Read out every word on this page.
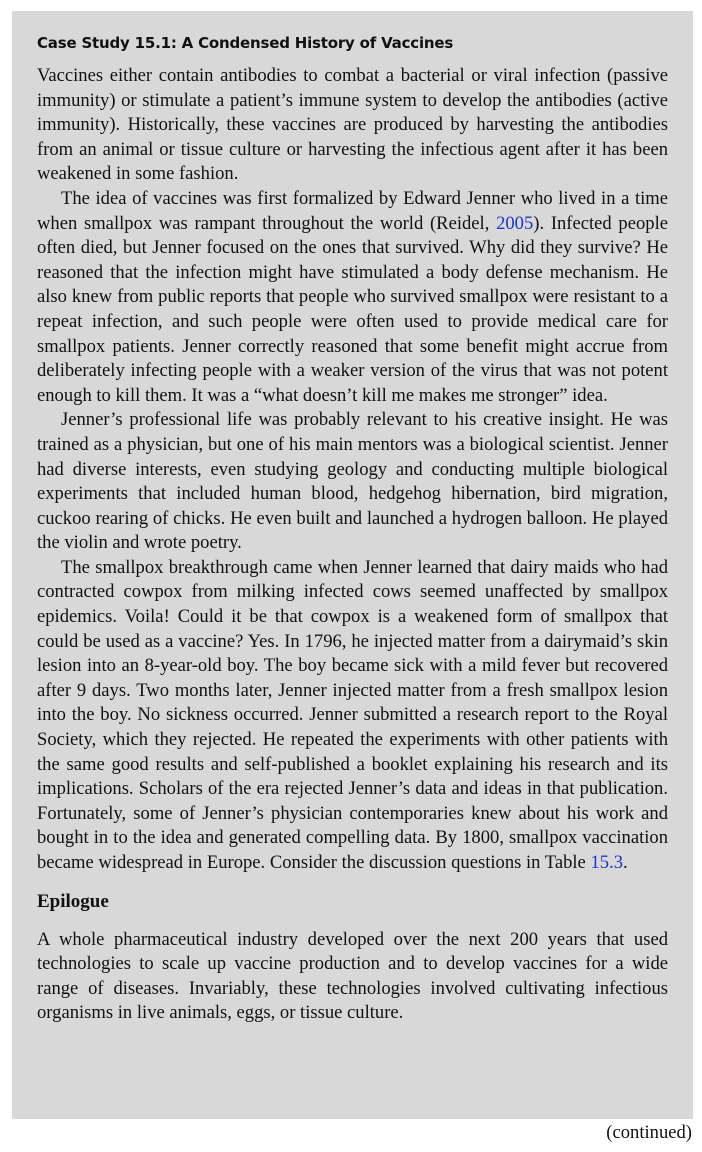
Case Study 15.1: A Condensed History of Vaccines

Vaccines either contain antibodies to combat a bacterial or viral infection (passive immunity) or stimulate a patient’s immune system to develop the antibodies (active immunity). Historically, these vaccines are produced by harvesting the antibodies from an animal or tissue culture or harvesting the infectious agent after it has been weakened in some fashion.

The idea of vaccines was first formalized by Edward Jenner who lived in a time when smallpox was rampant throughout the world (Reidel, 2005). Infected people often died, but Jenner focused on the ones that survived. Why did they survive? He reasoned that the infection might have stimulated a body defense mechanism. He also knew from public reports that people who survived smallpox were resistant to a repeat infection, and such people were often used to provide medical care for smallpox patients. Jenner correctly reasoned that some benefit might accrue from deliberately infecting people with a weaker version of the virus that was not potent enough to kill them. It was a “what doesn’t kill me makes me stronger” idea.

Jenner’s professional life was probably relevant to his creative insight. He was trained as a physician, but one of his main mentors was a biological scientist. Jenner had diverse interests, even studying geology and conducting multiple biological experiments that included human blood, hedgehog hibernation, bird migration, cuckoo rearing of chicks. He even built and launched a hydrogen balloon. He played the violin and wrote poetry.

The smallpox breakthrough came when Jenner learned that dairy maids who had contracted cowpox from milking infected cows seemed unaffected by smallpox epidemics. Voila! Could it be that cowpox is a weakened form of smallpox that could be used as a vaccine? Yes. In 1796, he injected matter from a dairymaid’s skin lesion into an 8-year-old boy. The boy became sick with a mild fever but recovered after 9 days. Two months later, Jenner injected matter from a fresh smallpox lesion into the boy. No sickness occurred. Jenner submitted a research report to the Royal Society, which they rejected. He repeated the experiments with other patients with the same good results and self-published a booklet explaining his research and its implications. Scholars of the era rejected Jenner’s data and ideas in that publication. Fortunately, some of Jenner’s physician contemporaries knew about his work and bought in to the idea and generated compelling data. By 1800, smallpox vaccination became widespread in Europe. Consider the discussion questions in Table 15.3.

Epilogue

A whole pharmaceutical industry developed over the next 200 years that used technologies to scale up vaccine production and to develop vaccines for a wide range of diseases. Invariably, these technologies involved cultivating infectious organisms in live animals, eggs, or tissue culture.

(continued)
